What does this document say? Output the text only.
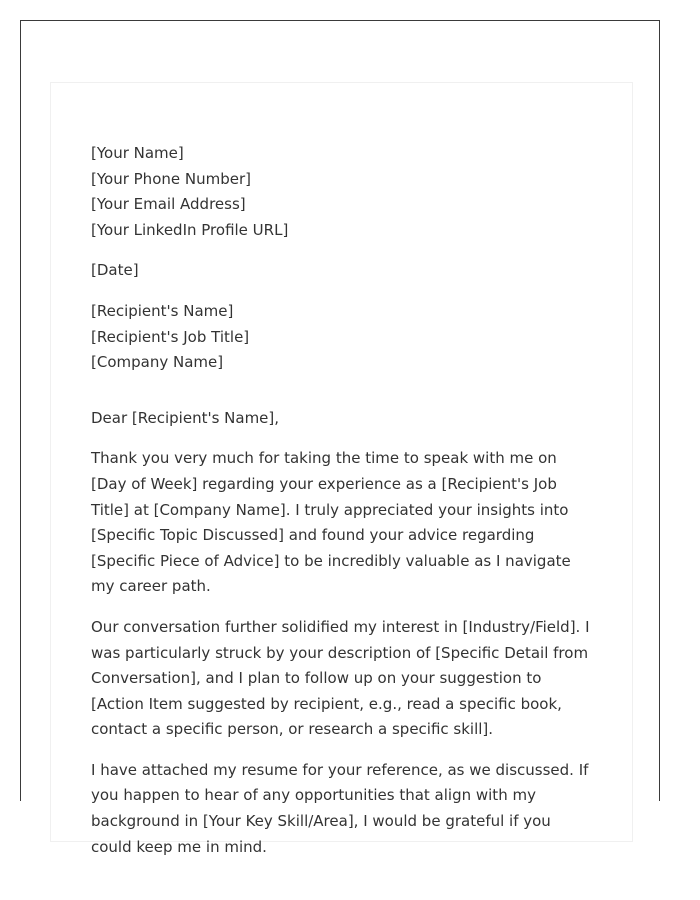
[Your Name]
[Your Phone Number]
[Your Email Address]
[Your LinkedIn Profile URL]
[Date]
[Recipient's Name]
[Recipient's Job Title]
[Company Name]
Dear [Recipient's Name],

Thank you very much for taking the time to speak with me on [Day of Week] regarding your experience as a [Recipient's Job Title] at [Company Name]. I truly appreciated your insights into [Specific Topic Discussed] and found your advice regarding [Specific Piece of Advice] to be incredibly valuable as I navigate my career path.

Our conversation further solidified my interest in [Industry/Field]. I was particularly struck by your description of [Specific Detail from Conversation], and I plan to follow up on your suggestion to [Action Item suggested by recipient, e.g., read a specific book, contact a specific person, or research a specific skill].

I have attached my resume for your reference, as we discussed. If you happen to hear of any opportunities that align with my background in [Your Key Skill/Area], I would be grateful if you could keep me in mind.
